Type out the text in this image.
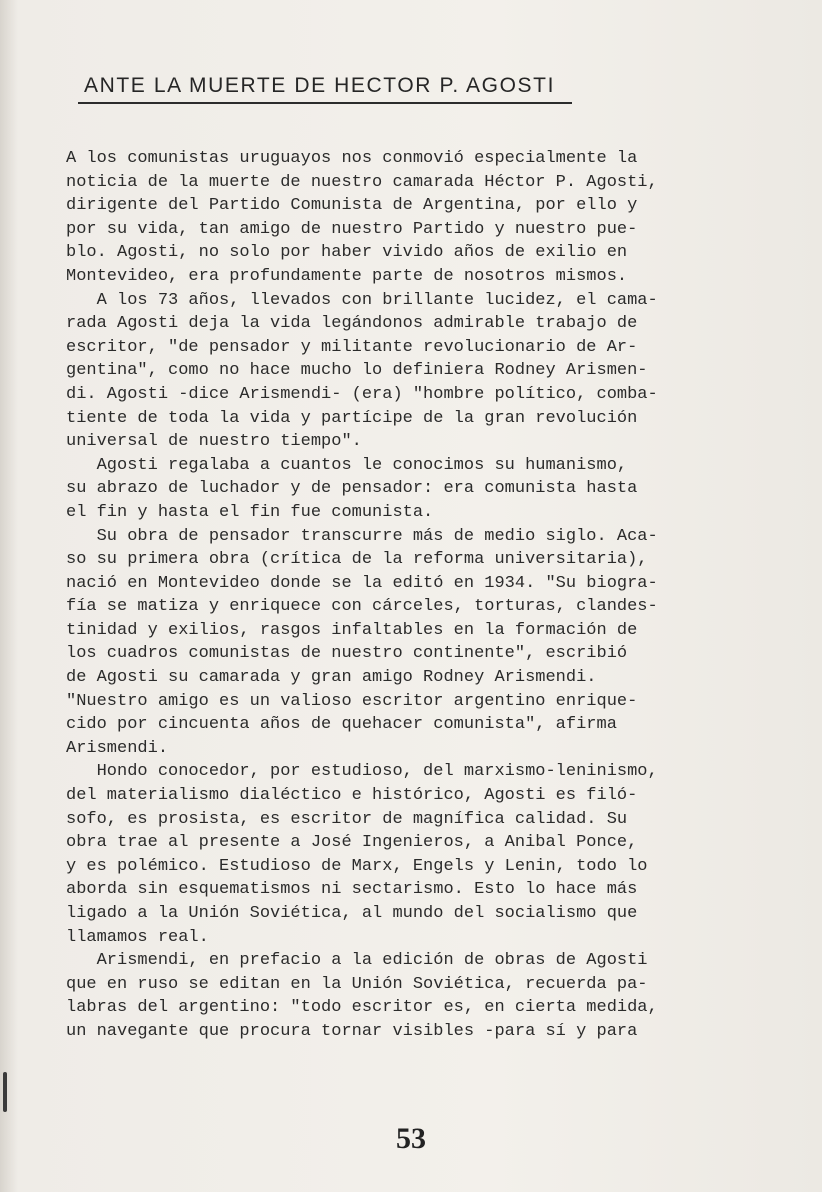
ANTE LA MUERTE DE HECTOR P. AGOSTI
A los comunistas uruguayos nos conmovió especialmente la
noticia de la muerte de nuestro camarada Héctor P. Agosti,
dirigente del Partido Comunista de Argentina, por ello y
por su vida, tan amigo de nuestro Partido y nuestro pue-
blo. Agosti, no solo por haber vivido años de exilio en
Montevideo, era profundamente parte de nosotros mismos.
A los 73 años, llevados con brillante lucidez, el cama-
rada Agosti deja la vida legándonos admirable trabajo de
escritor, "de pensador y militante revolucionario de Ar-
gentina", como no hace mucho lo definiera Rodney Arismen-
di. Agosti -dice Arismendi- (era) "hombre político, comba-
tiente de toda la vida y partícipe de la gran revolución
universal de nuestro tiempo".
Agosti regalaba a cuantos le conocimos su humanismo,
su abrazo de luchador y de pensador: era comunista hasta
el fin y hasta el fin fue comunista.
Su obra de pensador transcurre más de medio siglo. Aca-
so su primera obra (crítica de la reforma universitaria),
nació en Montevideo donde se la editó en 1934. "Su biogra-
fía se matiza y enriquece con cárceles, torturas, clandes-
tinidad y exilios, rasgos infaltables en la formación de
los cuadros comunistas de nuestro continente", escribió
de Agosti su camarada y gran amigo Rodney Arismendi.
"Nuestro amigo es un valioso escritor argentino enrique-
cido por cincuenta años de quehacer comunista", afirma
Arismendi.
Hondo conocedor, por estudioso, del marxismo-leninismo,
del materialismo dialéctico e histórico, Agosti es filó-
sofo, es prosista, es escritor de magnífica calidad. Su
obra trae al presente a José Ingenieros, a Anibal Ponce,
y es polémico. Estudioso de Marx, Engels y Lenin, todo lo
aborda sin esquematismos ni sectarismo. Esto lo hace más
ligado a la Unión Soviética, al mundo del socialismo que
llamamos real.
Arismendi, en prefacio a la edición de obras de Agosti
que en ruso se editan en la Unión Soviética, recuerda pa-
labras del argentino: "todo escritor es, en cierta medida,
un navegante que procura tornar visibles -para sí y para
53
